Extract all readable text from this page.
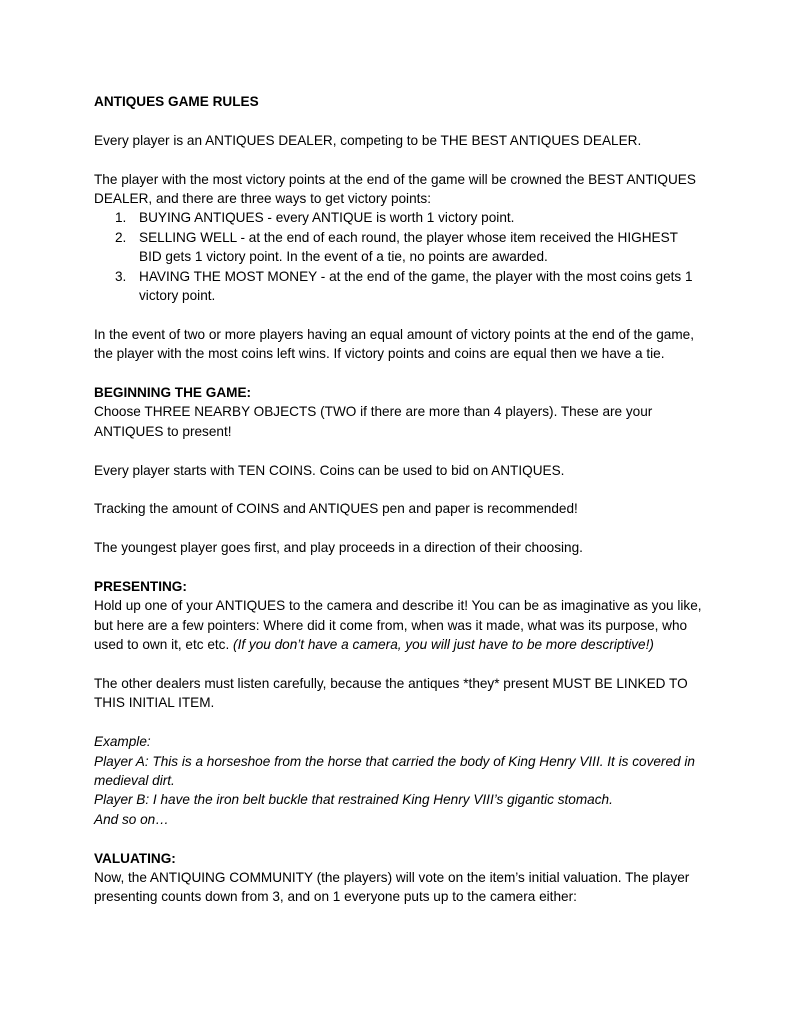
ANTIQUES GAME RULES

Every player is an ANTIQUES DEALER, competing to be THE BEST ANTIQUES DEALER.

The player with the most victory points at the end of the game will be crowned the BEST ANTIQUES DEALER, and there are three ways to get victory points:

1. BUYING ANTIQUES - every ANTIQUE is worth 1 victory point.
2. SELLING WELL - at the end of each round, the player whose item received the HIGHEST BID gets 1 victory point. In the event of a tie, no points are awarded.
3. HAVING THE MOST MONEY - at the end of the game, the player with the most coins gets 1 victory point.

In the event of two or more players having an equal amount of victory points at the end of the game, the player with the most coins left wins. If victory points and coins are equal then we have a tie.

BEGINNING THE GAME:

Choose THREE NEARBY OBJECTS (TWO if there are more than 4 players). These are your ANTIQUES to present!

Every player starts with TEN COINS. Coins can be used to bid on ANTIQUES.

Tracking the amount of COINS and ANTIQUES pen and paper is recommended!

The youngest player goes first, and play proceeds in a direction of their choosing.

PRESENTING:

Hold up one of your ANTIQUES to the camera and describe it! You can be as imaginative as you like, but here are a few pointers: Where did it come from, when was it made, what was its purpose, who used to own it, etc etc. (If you don’t have a camera, you will just have to be more descriptive!)

The other dealers must listen carefully, because the antiques *they* present MUST BE LINKED TO THIS INITIAL ITEM.

Example:

Player A: This is a horseshoe from the horse that carried the body of King Henry VIII. It is covered in medieval dirt.

Player B: I have the iron belt buckle that restrained King Henry VIII’s gigantic stomach.

And so on…

VALUATING:

Now, the ANTIQUING COMMUNITY (the players) will vote on the item’s initial valuation. The player presenting counts down from 3, and on 1 everyone puts up to the camera either:
